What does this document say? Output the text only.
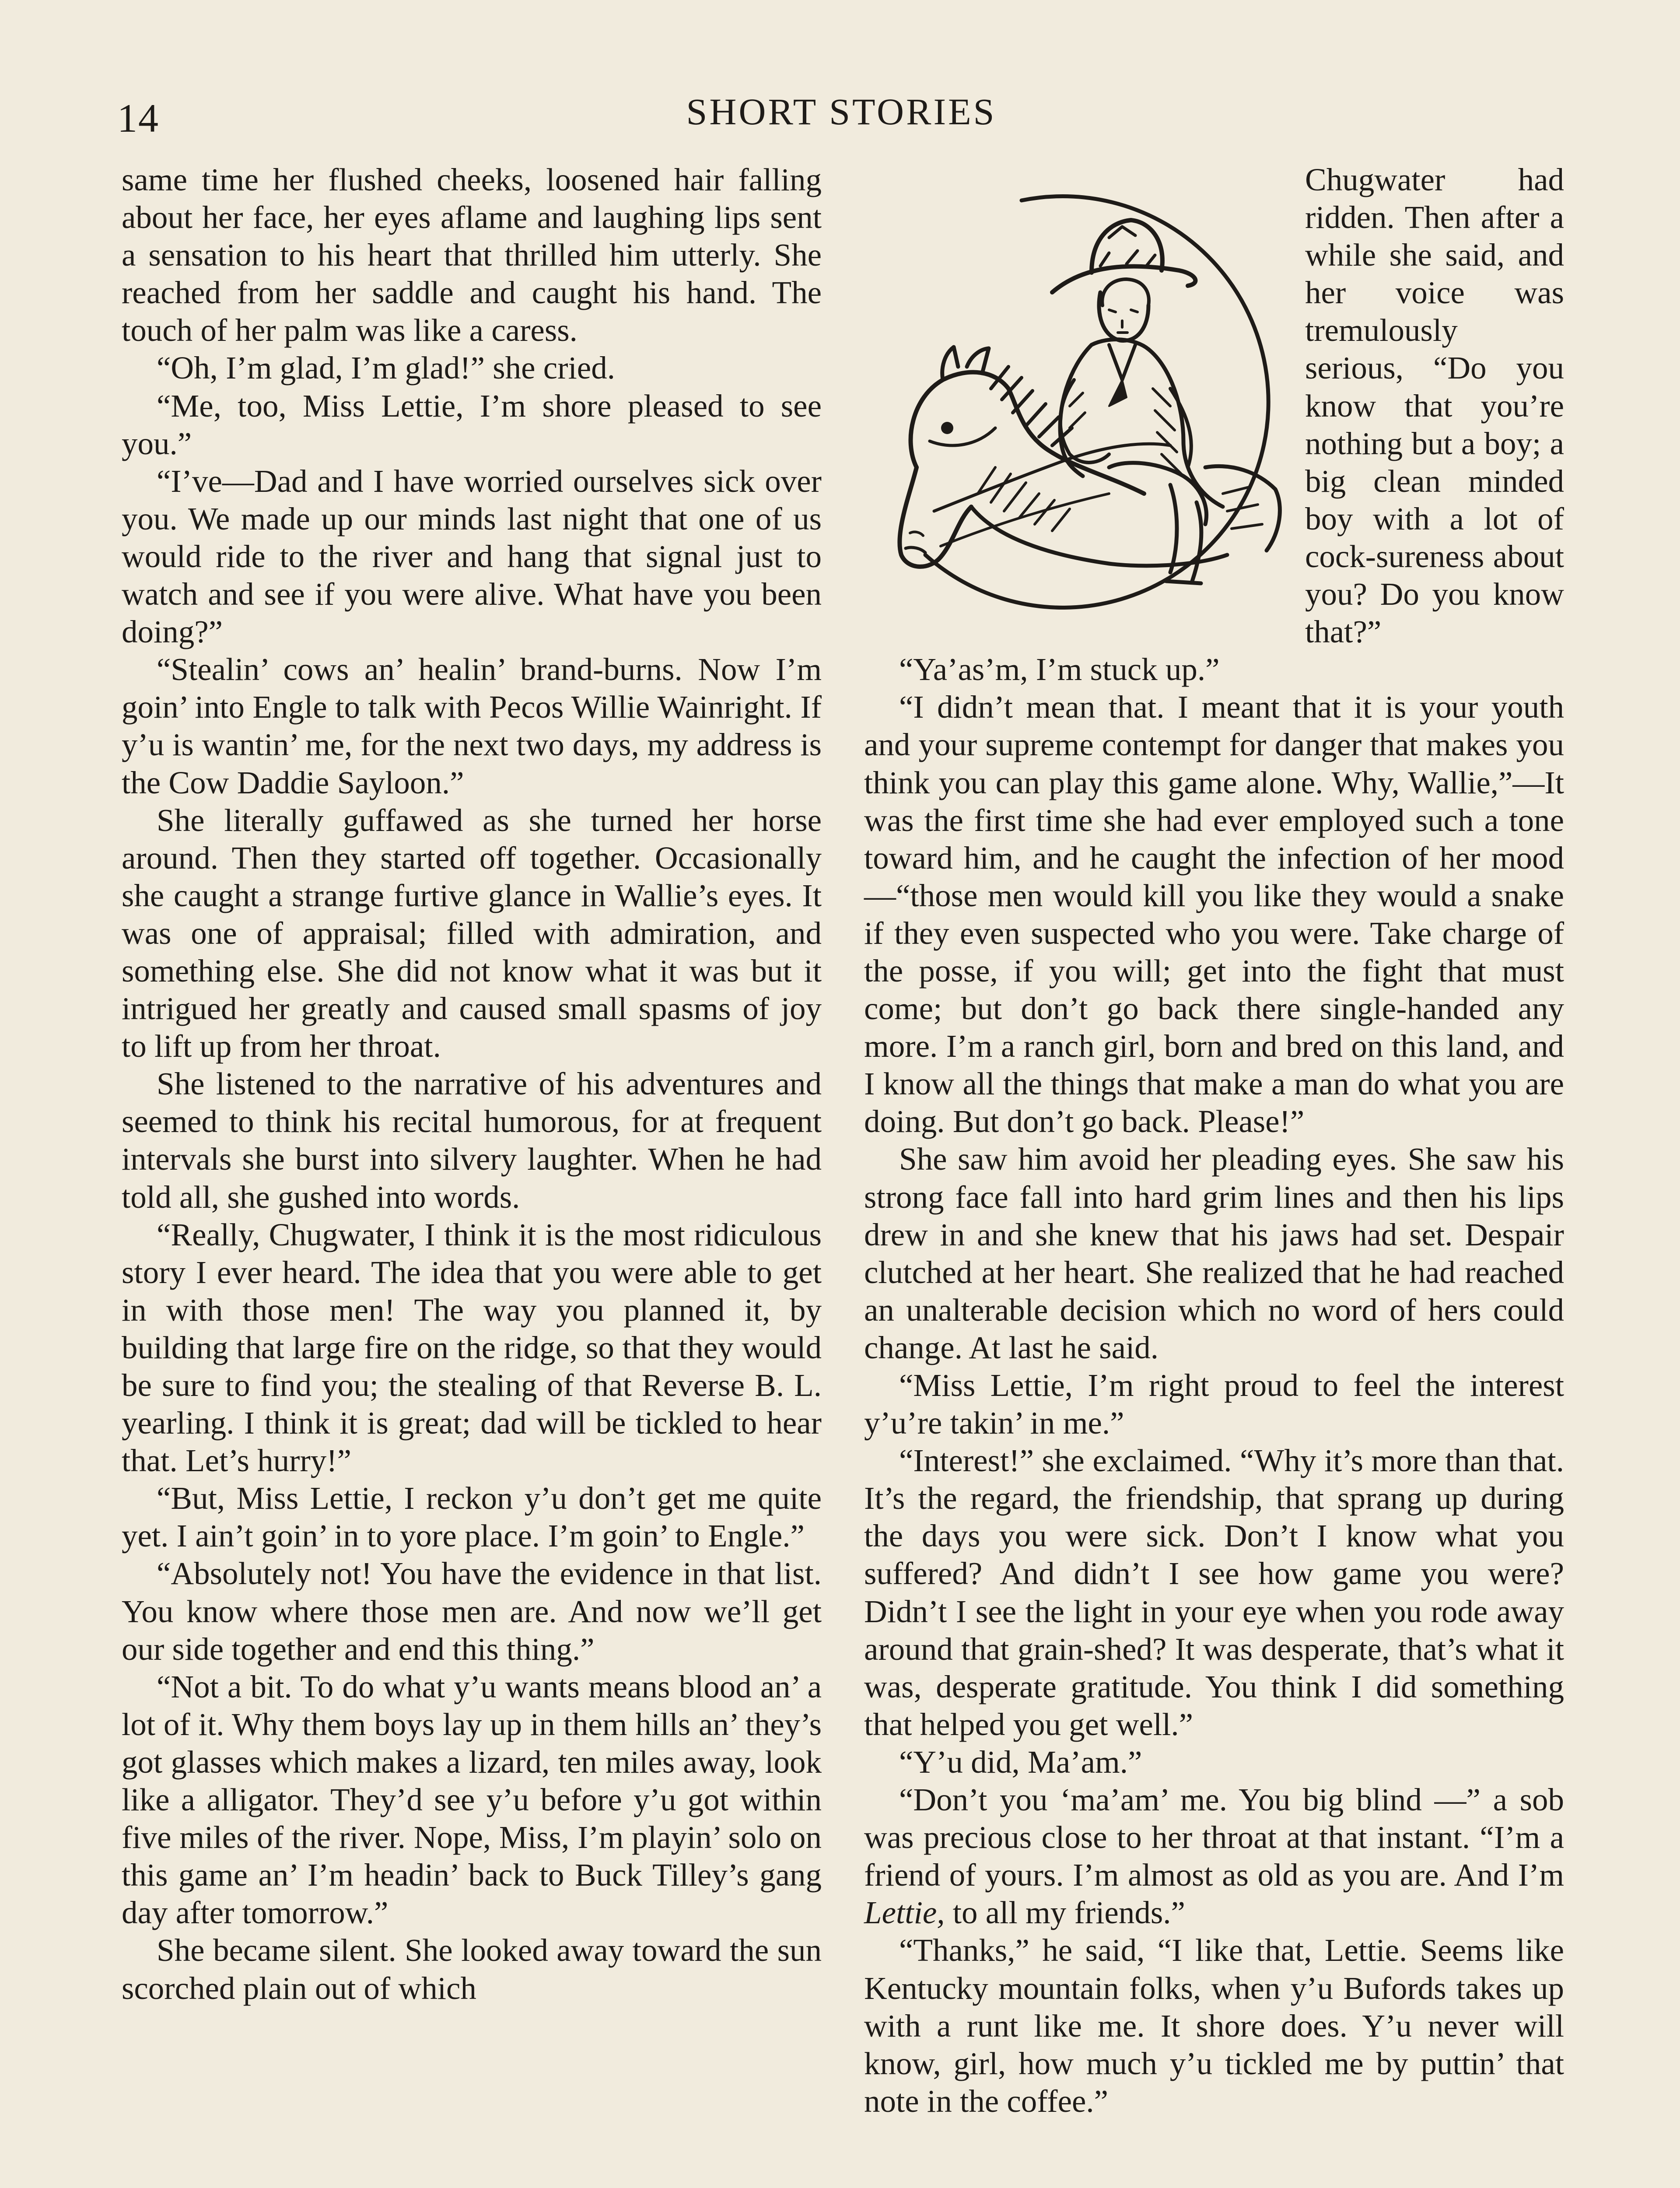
14	SHORT STORIES

same time her flushed cheeks, loosened hair falling about her face, her eyes aflame and laughing lips sent a sensation to his heart that thrilled him utterly. She reached from her saddle and caught his hand. The touch of her palm was like a caress.

“Oh, I’m glad, I’m glad!” she cried.

“Me, too, Miss Lettie, I’m shore pleased to see you.”

“I’ve—Dad and I have worried ourselves sick over you. We made up our minds last night that one of us would ride to the river and hang that signal just to watch and see if you were alive. What have you been doing?”

“Stealin’ cows an’ healin’ brand-burns. Now I’m goin’ into Engle to talk with Pecos Willie Wainright. If y’u is wantin’ me, for the next two days, my address is the Cow Daddie Sayloon.”

She literally guffawed as she turned her horse around. Then they started off together. Occasionally she caught a strange furtive glance in Wallie’s eyes. It was one of appraisal; filled with admiration, and something else. She did not know what it was but it intrigued her greatly and caused small spasms of joy to lift up from her throat.

She listened to the narrative of his adventures and seemed to think his recital humorous, for at frequent intervals she burst into silvery laughter. When he had told all, she gushed into words.

“Really, Chugwater, I think it is the most ridiculous story I ever heard. The idea that you were able to get in with those men! The way you planned it, by building that large fire on the ridge, so that they would be sure to find you; the stealing of that Reverse B. L. yearling. I think it is great; dad will be tickled to hear that. Let’s hurry!”

“But, Miss Lettie, I reckon y’u don’t get me quite yet. I ain’t goin’ in to yore place. I’m goin’ to Engle.”

“Absolutely not! You have the evidence in that list. You know where those men are. And now we’ll get our side together and end this thing.”

“Not a bit. To do what y’u wants means blood an’ a lot of it. Why them boys lay up in them hills an’ they’s got glasses which makes a lizard, ten miles away, look like a alligator. They’d see y’u before y’u got within five miles of the river. Nope, Miss, I’m playin’ solo on this game an’ I’m headin’ back to Buck Tilley’s gang day after tomorrow.”

She became silent. She looked away toward the sun scorched plain out of which

Chugwater had ridden. Then after a while she said, and her voice was tremulously serious, “Do you know that you’re nothing but a boy; a big clean minded boy with a lot of cock-sureness about you? Do you know that?”

“Ya’as’m, I’m stuck up.”

“I didn’t mean that. I meant that it is your youth and your supreme contempt for danger that makes you think you can play this game alone. Why, Wallie,”—It was the first time she had ever employed such a tone toward him, and he caught the infection of her mood—“those men would kill you like they would a snake if they even suspected who you were. Take charge of the posse, if you will; get into the fight that must come; but don’t go back there single-handed any more. I’m a ranch girl, born and bred on this land, and I know all the things that make a man do what you are doing. But don’t go back. Please!”

She saw him avoid her pleading eyes. She saw his strong face fall into hard grim lines and then his lips drew in and she knew that his jaws had set. Despair clutched at her heart. She realized that he had reached an unalterable decision which no word of hers could change. At last he said.

“Miss Lettie, I’m right proud to feel the interest y’u’re takin’ in me.”

“Interest!” she exclaimed. “Why it’s more than that. It’s the regard, the friendship, that sprang up during the days you were sick. Don’t I know what you suffered? And didn’t I see how game you were? Didn’t I see the light in your eye when you rode away around that grain-shed? It was desperate, that’s what it was, desperate gratitude. You think I did something that helped you get well.”

“Y’u did, Ma’am.”

“Don’t you ‘ma’am’ me. You big blind —” a sob was precious close to her throat at that instant. “I’m a friend of yours. I’m almost as old as you are. And I’m Lettie, to all my friends.”

“Thanks,” he said, “I like that, Lettie. Seems like Kentucky mountain folks, when y’u Bufords takes up with a runt like me. It shore does. Y’u never will know, girl, how much y’u tickled me by puttin’ that note in the coffee.”
